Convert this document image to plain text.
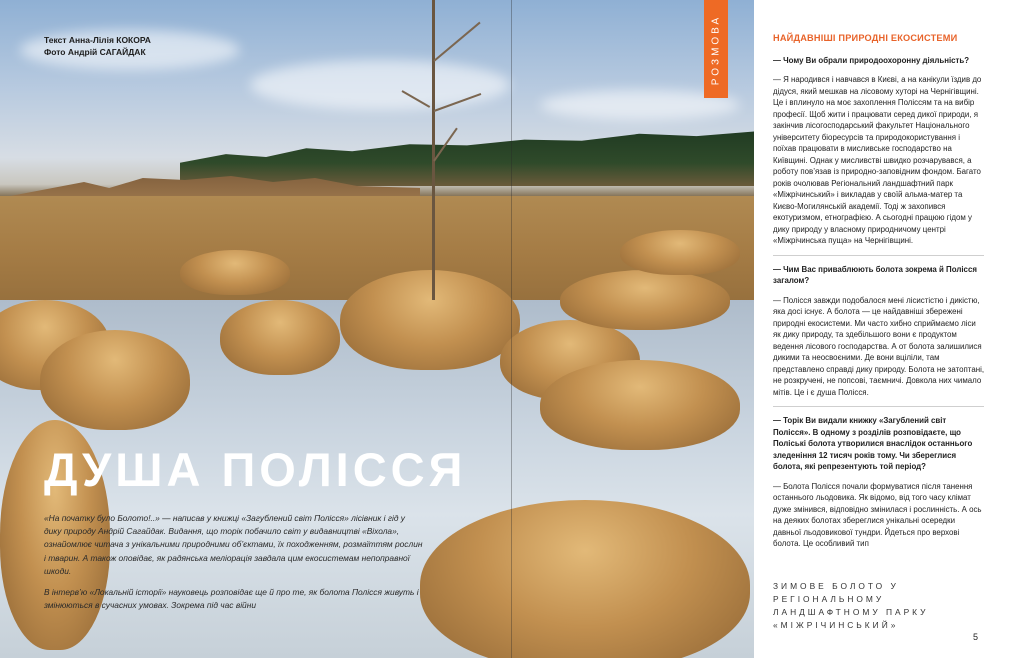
Текст Анна-Лілія КОКОРА
Фото Андрій САГАЙДАК
ДУША ПОЛІССЯ

«На початку було Болото!..» — написав у книжці «Загублений світ Полісся» лісівник і гід у дику природу Андрій Сагайдак. Видання, що торік побачило світ у видавництві «Віхола», ознайомлює читача з унікальними природними об’єктами, їх походженням, розмаїттям рослин і тварин. А також оповідає, як радянська меліорація завдала цим екосистемам непоправної шкоди.

В інтерв’ю «Локальній історії» науковець розповідає ще й про те, як болота Полісся живуть і змінюються в сучасних умовах. Зокрема під час війни

РОЗМОВА	НАЙДАВНІШІ ПРИРОДНІ ЕКОСИСТЕМИ
— Чому Ви обрали природоохоронну діяльність?
— Я народився і навчався в Києві, а на канікули їздив до дідуся, який мешкав на лісовому хуторі на Чернігівщині. Це і вплинуло на моє захоплення Поліссям та на вибір професії. Щоб жити і працювати серед дикої природи, я закінчив лісогосподарський факультет Національного університету біоресурсів та природокористування і поїхав працювати в мисливське господарство на Київщині. Однак у мисливстві швидко розчарувався, а роботу пов’язав із природно-заповідним фондом. Багато років очолював Регіональний ландшафтний парк «Міжрічинський» і викладав у своїй альма-матер та Києво-Могилянській академії. Тоді ж захопився екотуризмом, етнографією. А сьогодні працюю гідом у дику природу у власному природничому центрі «Міжрічинська пуща» на Чернігівщині.
— Чим Вас приваблюють болота зокрема й Полісся загалом?
— Полісся завжди подобалося мені лісистістю і дикістю, яка досі існує. А болота — це найдавніші збережені природні екосистеми. Ми часто хибно сприймаємо ліси як дику природу, та здебільшого вони є продуктом ведення лісового господарства. А от болота залишилися дикими та неосвоєними. Де вони вціліли, там представлено справді дику природу. Болота не затоптані, не розкручені, не попсові, таємничі. Довкола них чимало мітів. Це і є душа Полісся.
— Торік Ви видали книжку «Загублений світ Полісся». В одному з розділів розповідаєте, що Поліські болота утворилися внаслідок останнього зледеніння 12 тисяч років тому. Чи збереглися болота, які репрезентують той період?
— Болота Полісся почали формуватися після танення останнього льодовика. Як відомо, від того часу клімат дуже змінився, відповідно змінилася і рослинність. А ось на деяких болотах збереглися унікальні осередки давньої льодовикової тундри. Йдеться про верхові болота. Це особливий тип
ЗИМОВЕ БОЛОТО У РЕГІОНАЛЬНОМУ ЛАНДШАФТНОМУ ПАРКУ «МІЖРІЧИНСЬКИЙ»
5
